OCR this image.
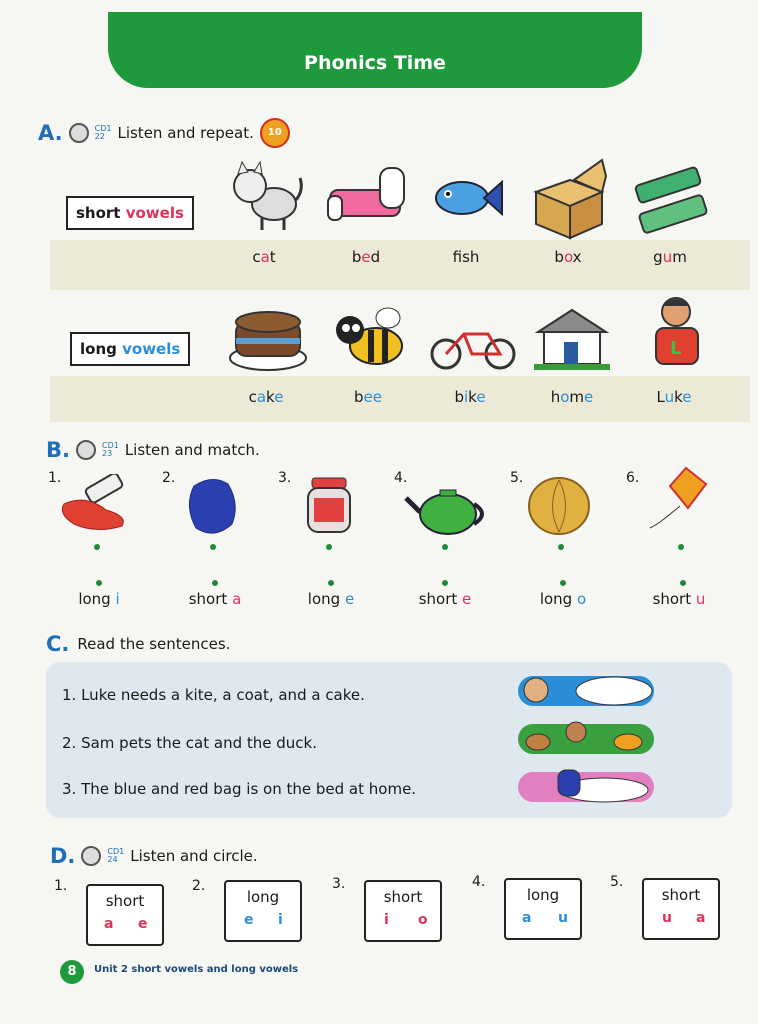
Phonics Time
A.	CD1
22 Listen and repeat.	10
short vowels
cat	bed	fsh	box	gum
long vowels	L
cake	bee	bike	home	Luke
B.	CD1
23 Listen and match.
1.	2.	3.	4.	5.	6.
long i	short a	long e	short e	long o	short u
C. Read the sentences.
1. Luke needs a kite, a coat, and a cake.
2. Sam pets the cat and the duck.
3. The blue and red bag is on the bed at home.
D.	CD1
24 Listen and circle.
1.
short
a e
2.
long
e i
3.
short
i o
4.
long
a u
5.
short
u a
8	Unit 2 short vowels and long vowels
